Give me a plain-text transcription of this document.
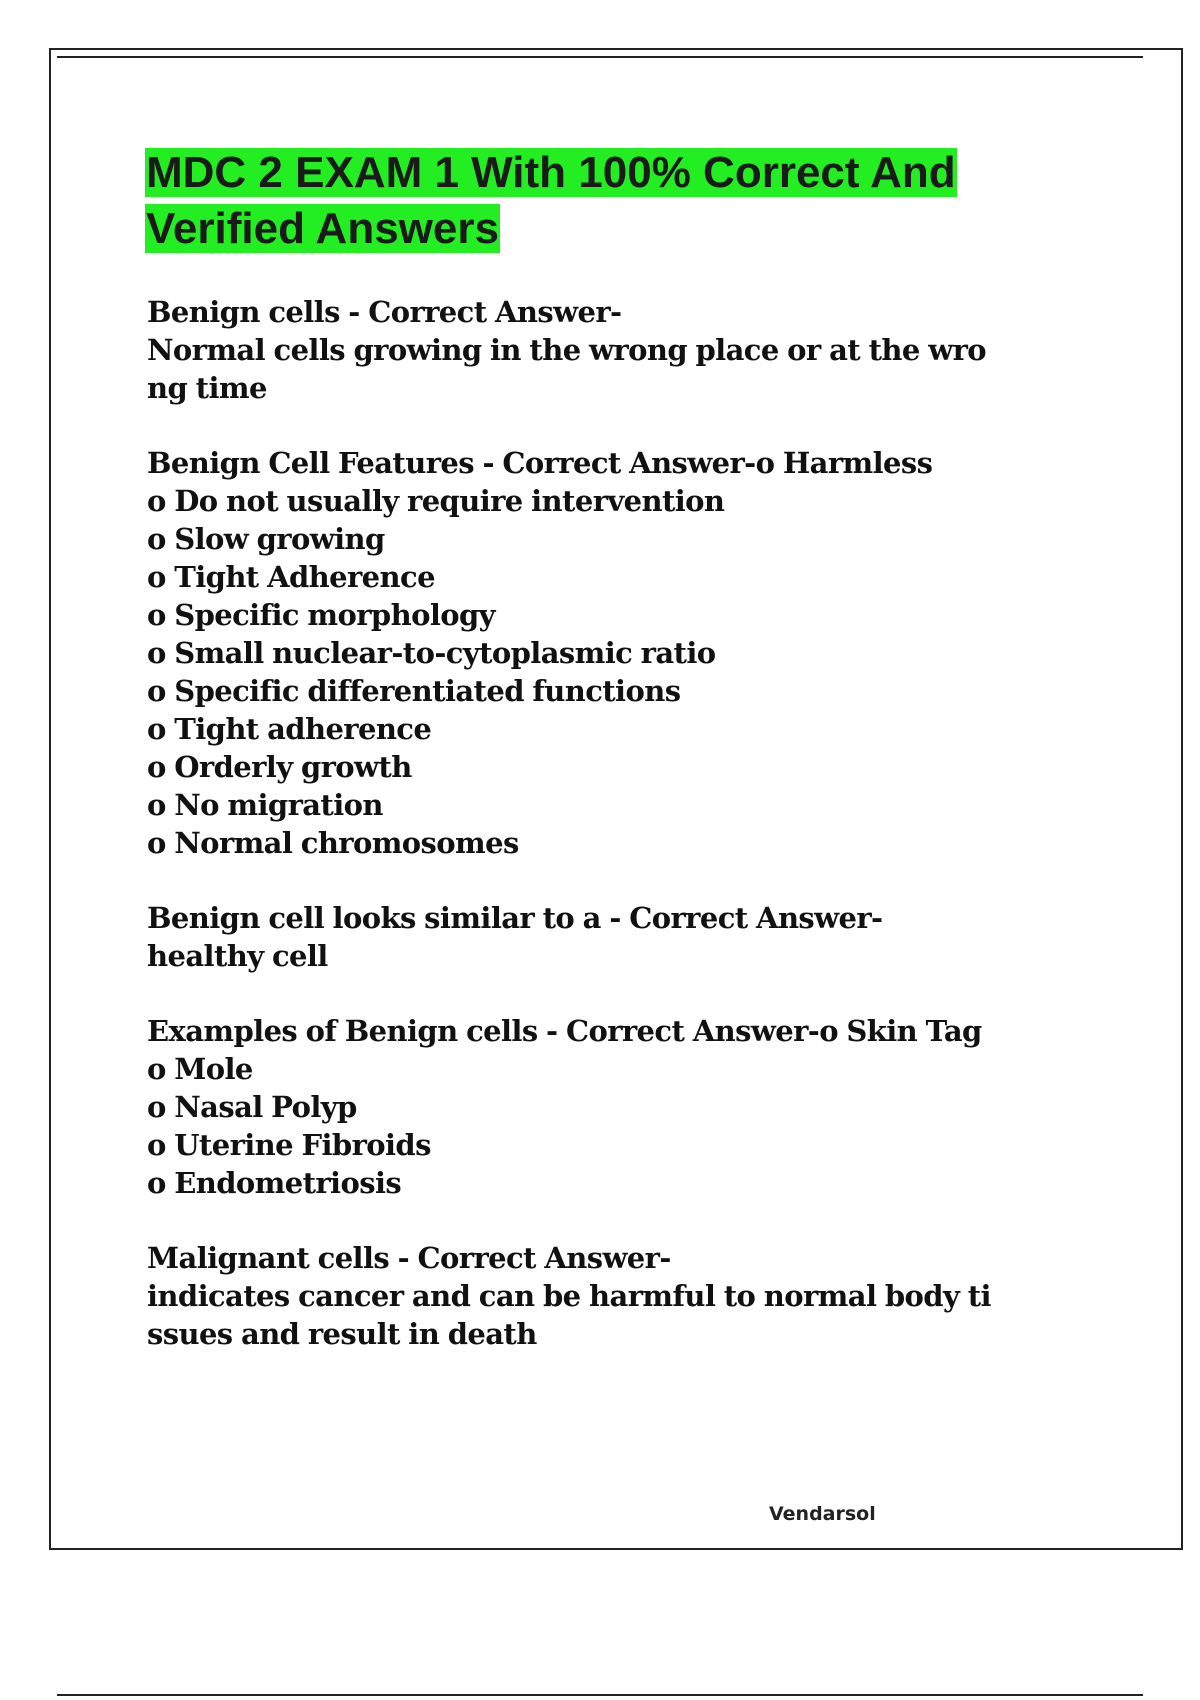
MDC 2 EXAM 1 With 100% Correct And
Verified Answers

Benign cells - Correct Answer-
Normal cells growing in the wrong place or at the wro
ng time

Benign Cell Features - Correct Answer-o Harmless
o Do not usually require intervention
o Slow growing
o Tight Adherence
o Specific morphology
o Small nuclear-to-cytoplasmic ratio
o Specific differentiated functions
o Tight adherence
o Orderly growth
o No migration
o Normal chromosomes

Benign cell looks similar to a - Correct Answer-
healthy cell

Examples of Benign cells - Correct Answer-o Skin Tag
o Mole
o Nasal Polyp
o Uterine Fibroids
o Endometriosis

Malignant cells - Correct Answer-
indicates cancer and can be harmful to normal body ti
ssues and result in death

Vendarsol
